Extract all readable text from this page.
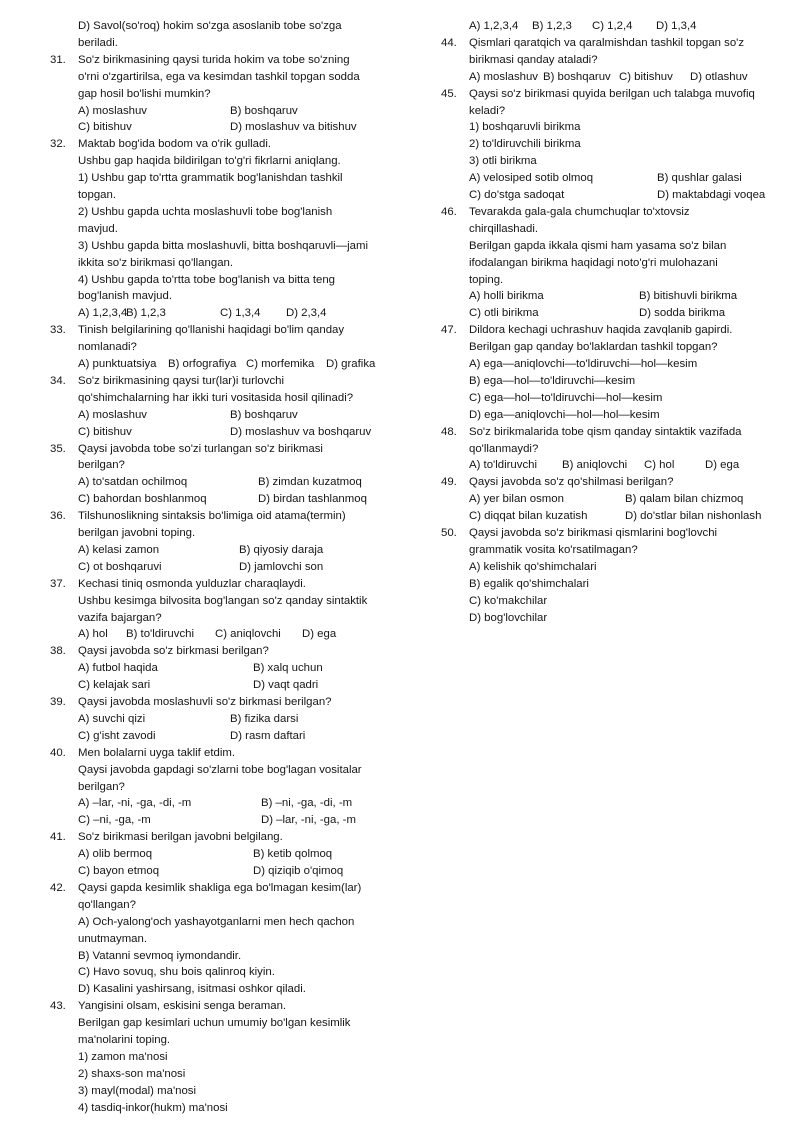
D) Savol(so'roq) hokim so'zga asoslanib tobe so'zga
beriladi.
31. So'z birikmasining qaysi turida hokim va tobe so'zning
o'rni o'zgartirilsa, ega va kesimdan tashkil topgan sodda
gap hosil bo'lishi mumkin?
A) moslashuv	B) boshqaruv
C) bitishuv	D) moslashuv va bitishuv
32. Maktab bog'ida bodom va o'rik gulladi.
Ushbu gap haqida bildirilgan to'g'ri fikrlarni aniqlang.
1) Ushbu gap to'rtta grammatik bog'lanishdan tashkil
topgan.
2) Ushbu gapda uchta moslashuvli tobe bog'lanish
mavjud.
3) Ushbu gapda bitta moslashuvli, bitta boshqaruvli—jami
ikkita so'z birikmasi qo'llangan.
4) Ushbu gapda to'rtta tobe bog'lanish va bitta teng
bog'lanish mavjud.
A) 1,2,3,4
B) 1,2,3	C) 1,3,4 D) 2,3,4
33. Tinish belgilarining qo'llanishi haqidagi bo'lim qanday
nomlanadi?
A) punktuatsiya B) orfografiya C) morfemika D) grafika
34. So'z birikmasining qaysi tur(lar)i turlovchi
qo'shimchalarning har ikki turi vositasida hosil qilinadi?
A) moslashuv	B) boshqaruv
C) bitishuv	D) moslashuv va boshqaruv
35. Qaysi javobda tobe so'zi turlangan so'z birikmasi
berilgan?
A) to'satdan ochilmoq	B) zimdan kuzatmoq
C) bahordan boshlanmoq	D) birdan tashlanmoq
36. Tilshunoslikning sintaksis bo'limiga oid atama(termin)
berilgan javobni toping.
A) kelasi zamon	B) qiyosiy daraja
C) ot boshqaruvi	D) jamlovchi son
37. Kechasi tiniq osmonda yulduzlar charaqlaydi.
Ushbu kesimga bilvosita bog'langan so'z qanday sintaktik
vazifa bajargan?
A) hol B) to'ldiruvchi C) aniqlovchi D) ega
38. Qaysi javobda so'z birkmasi berilgan?
A) futbol haqida	B) xalq uchun
C) kelajak sari	D) vaqt qadri
39. Qaysi javobda moslashuvli so'z birkmasi berilgan?
A) suvchi qizi	B) fizika darsi
C) g'isht zavodi	D) rasm daftari
40. Men bolalarni uyga taklif etdim.
Qaysi javobda gapdagi so'zlarni tobe bog'lagan vositalar
berilgan?
A) –lar, -ni, -ga, -di, -m	B) –ni, -ga, -di, -m
C) –ni, -ga, -m	D) –lar, -ni, -ga, -m
41. So'z birikmasi berilgan javobni belgilang.
A) olib bermoq	B) ketib qolmoq
C) bayon etmoq	D) qiziqib o'qimoq
42. Qaysi gapda kesimlik shakliga ega bo'lmagan kesim(lar)
qo'llangan?
A) Och-yalong'och yashayotganlarni men hech qachon
unutmayman.
B) Vatanni sevmoq iymondandir.
C) Havo sovuq, shu bois qalinroq kiyin.
D) Kasalini yashirsang, isitmasi oshkor qiladi.
43. Yangisini olsam, eskisini senga beraman.
Berilgan gap kesimlari uchun umumiy bo'lgan kesimlik
ma'nolarini toping.
1) zamon ma'nosi
2) shaxs-son ma'nosi
3) mayl(modal) ma'nosi
4) tasdiq-inkor(hukm) ma'nosi
A) 1,2,3,4 B) 1,2,3 C) 1,2,4 D) 1,3,4
44. Qismlari qaratqich va qaralmishdan tashkil topgan so'z
birikmasi qanday ataladi?
A) moslashuv B) boshqaruv C) bitishuv D) otlashuv
45. Qaysi so'z birikmasi quyida berilgan uch talabga muvofiq
keladi?
1) boshqaruvli birikma
2) to'ldiruvchili birikma
3) otli birikma
A) velosiped sotib olmoq	B) qushlar galasi
C) do'stga sadoqat	D) maktabdagi voqea
46. Tevarakda gala-gala chumchuqlar to'xtovsiz
chirqillashadi.
Berilgan gapda ikkala qismi ham yasama so'z bilan
ifodalangan birikma haqidagi noto'g'ri mulohazani
toping.
A) holli birikma	B) bitishuvli birikma
C) otli birikma	D) sodda birikma
47. Dildora kechagi uchrashuv haqida zavqlanib gapirdi.
Berilgan gap qanday bo'laklardan tashkil topgan?
A) ega—aniqlovchi—to'ldiruvchi—hol—kesim
B) ega—hol—to'ldiruvchi—kesim
C) ega—hol—to'ldiruvchi—hol—kesim
D) ega—aniqlovchi—hol—hol—kesim
48. So'z birikmalarida tobe qism qanday sintaktik vazifada
qo'llanmaydi?
A) to'ldiruvchi B) aniqlovchi C) hol	D) ega
49. Qaysi javobda so'z qo'shilmasi berilgan?
A) yer bilan osmon	B) qalam bilan chizmoq
C) diqqat bilan kuzatish	D) do'stlar bilan nishonlash
50. Qaysi javobda so'z birikmasi qismlarini bog'lovchi
grammatik vosita ko'rsatilmagan?
A) kelishik qo'shimchalari
B) egalik qo'shimchalari
C) ko'makchilar
D) bog'lovchilar
